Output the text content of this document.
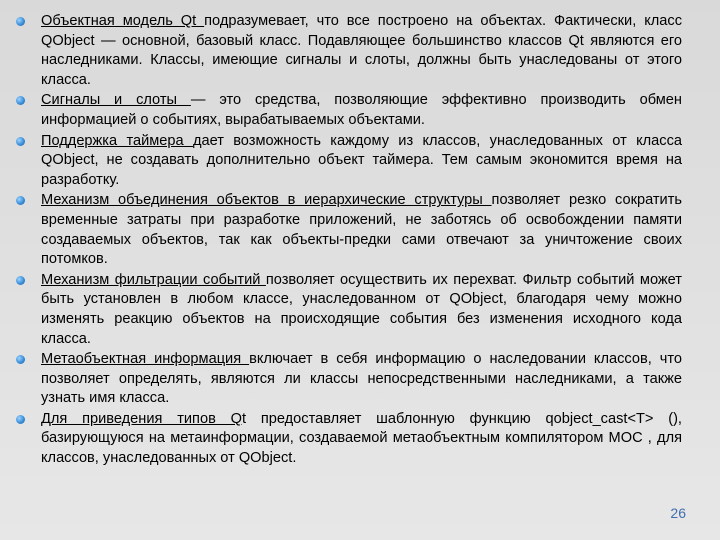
Объектная модель Qt подразумевает, что все построено на объектах. Фактически, класс QObject — основной, базовый класс. Подавляющее большинство классов Qt являются его наследниками. Классы, имеющие сигналы и слоты, должны быть унаследованы от этого класса.

Сигналы и слоты — это средства, позволяющие эффективно производить обмен информацией о событиях, вырабатываемых объектами.

Поддержка таймера дает возможность каждому из классов, унаследованных от класса QObject, не создавать дополнительно объект таймера. Тем самым экономится время на разработку.

Механизм объединения объектов в иерархические структуры позволяет резко сократить временные затраты при разработке приложений, не заботясь об освобождении памяти создаваемых объектов, так как объекты-предки сами отвечают за уничтожение своих потомков.

Механизм фильтрации событий позволяет осуществить их перехват. Фильтр событий может быть установлен в любом классе, унаследованном от QObject, благодаря чему можно изменять реакцию объектов на происходящие события без изменения исходного кода класса.

Метаобъектная информация включает в себя информацию о наследовании классов, что позволяет определять, являются ли классы непосредственными наследниками, а также узнать имя класса.

Для приведения типов Qt предоставляет шаблонную функцию qobject_cast<T> (), базирующуюся на метаинформации, создаваемой метаобъектным компилятором MOC , для классов, унаследованных от QObject.

26
